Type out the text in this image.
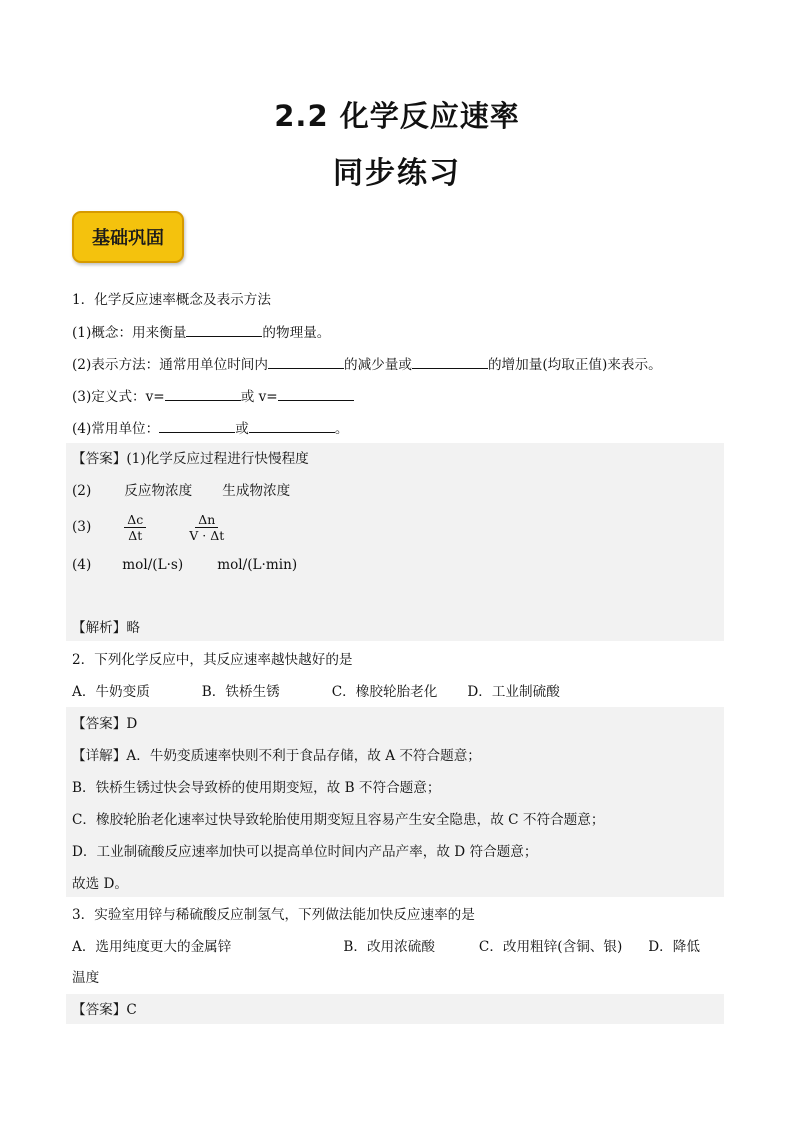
2.2 化学反应速率
同步练习
基础巩固
1．化学反应速率概念及表示方法
(1)概念：用来衡量	的物理量。
(2)表示方法：通常用单位时间内	的减少量或	的增加量(均取正值)来表示。
(3)定义式：v=	或 v=
(4)常用单位：	或	。
【答案】(1)化学反应过程进行快慢程度
(2) 反应物浓度 生成物浓度
(3)	$\frac{\Delta c}{\Delta t}$	$\frac{\Delta n}{V \cdot \Delta t}$
(4) mol/(L·s)	mol/(L·min)
【解析】略
2．下列化学反应中，其反应速率越快越好的是
A．牛奶变质	B．铁桥生锈	C．橡胶轮胎老化 D．工业制硫酸
【答案】D
【详解】A．牛奶变质速率快则不利于食品存储，故 A 不符合题意；
B．铁桥生锈过快会导致桥的使用期变短，故 B 不符合题意；
C．橡胶轮胎老化速率过快导致轮胎使用期变短且容易产生安全隐患，故 C 不符合题意；
D．工业制硫酸反应速率加快可以提高单位时间内产品产率，故 D 符合题意；
故选 D。
3．实验室用锌与稀硫酸反应制氢气，下列做法能加快反应速率的是
A．选用纯度更大的金属锌	B．改用浓硫酸	C．改用粗锌(含铜、银) D．降低
温度
【答案】C
